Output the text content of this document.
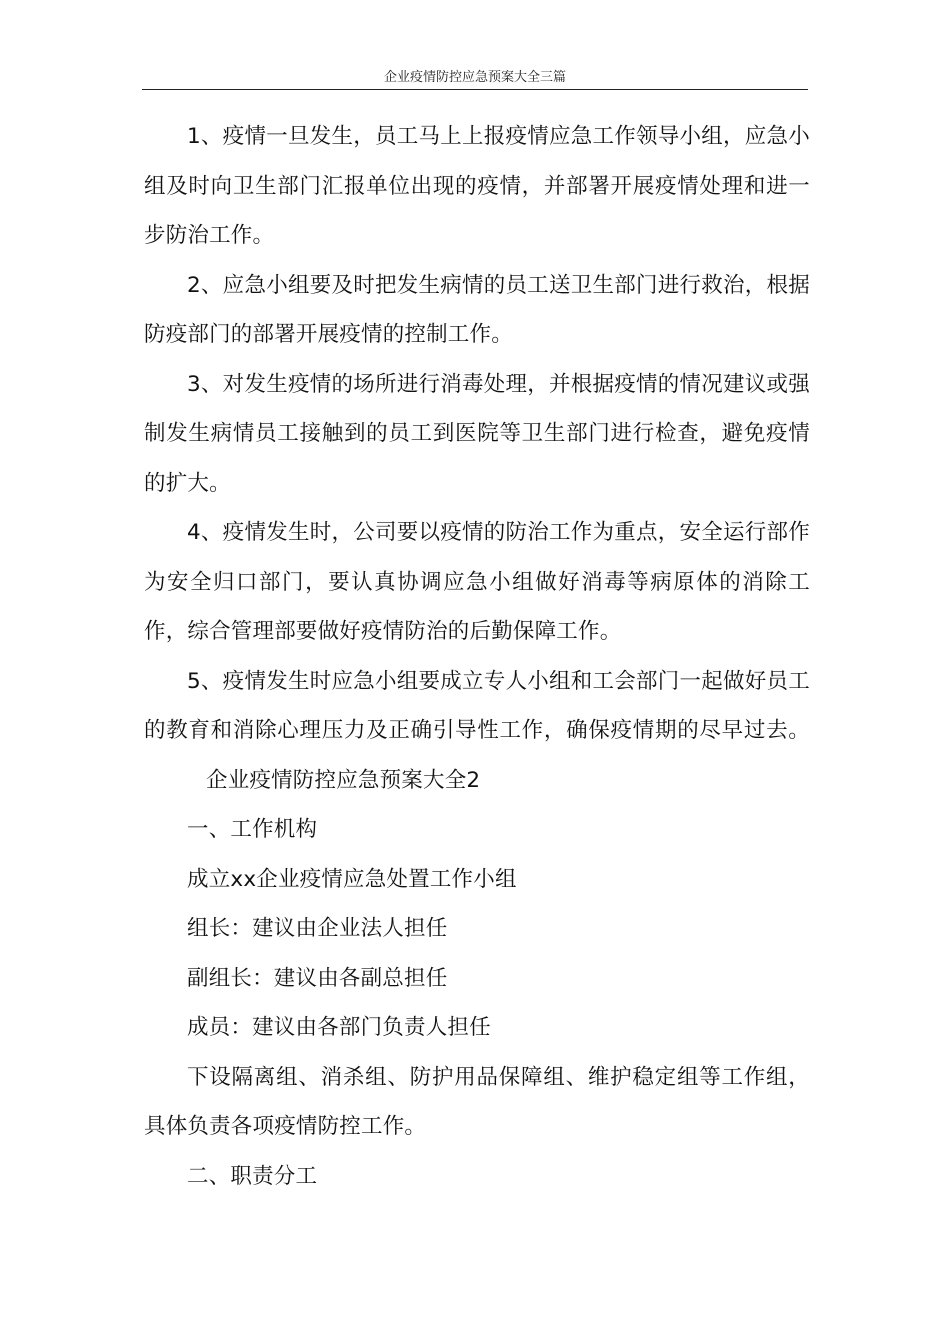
企业疫情防控应急预案大全三篇

1、疫情一旦发生，员工马上上报疫情应急工作领导小组，应急小组及时向卫生部门汇报单位出现的疫情，并部署开展疫情处理和进一步防治工作。

2、应急小组要及时把发生病情的员工送卫生部门进行救治，根据防疫部门的部署开展疫情的控制工作。

3、对发生疫情的场所进行消毒处理，并根据疫情的情况建议或强制发生病情员工接触到的员工到医院等卫生部门进行检查，避免疫情的扩大。

4、疫情发生时，公司要以疫情的防治工作为重点，安全运行部作为安全归口部门，要认真协调应急小组做好消毒等病原体的消除工作，综合管理部要做好疫情防治的后勤保障工作。

5、疫情发生时应急小组要成立专人小组和工会部门一起做好员工的教育和消除心理压力及正确引导性工作，确保疫情期的尽早过去。企业疫情防控应急预案大全2

一、工作机构

成立xx企业疫情应急处置工作小组

组长：建议由企业法人担任

副组长：建议由各副总担任

成员：建议由各部门负责人担任

下设隔离组、消杀组、防护用品保障组、维护稳定组等工作组，具体负责各项疫情防控工作。

二、职责分工
